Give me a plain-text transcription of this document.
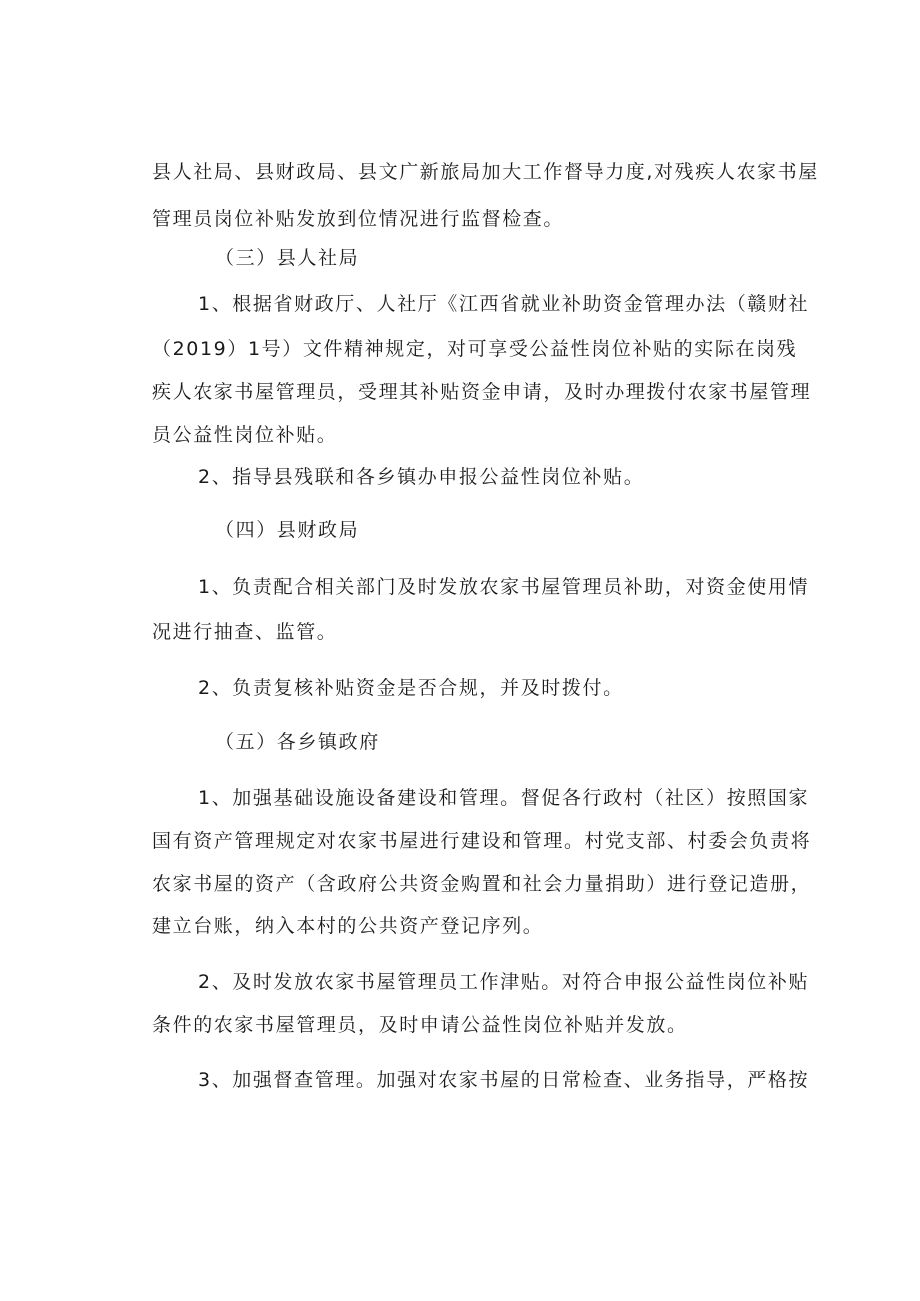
县人社局、县财政局、县文广新旅局加大工作督导力度,对残疾人农家书屋
管理员岗位补贴发放到位情况进行监督检查。
（三）县人社局
1、根据省财政厅、人社厅《江西省就业补助资金管理办法（赣财社
（2019）1号）文件精神规定，对可享受公益性岗位补贴的实际在岗残
疾人农家书屋管理员，受理其补贴资金申请，及时办理拨付农家书屋管理
员公益性岗位补贴。
2、指导县残联和各乡镇办申报公益性岗位补贴。
（四）县财政局
1、负责配合相关部门及时发放农家书屋管理员补助，对资金使用情
况进行抽查、监管。
2、负责复核补贴资金是否合规，并及时拨付。
（五）各乡镇政府
1、加强基础设施设备建设和管理。督促各行政村（社区）按照国家
国有资产管理规定对农家书屋进行建设和管理。村党支部、村委会负责将
农家书屋的资产（含政府公共资金购置和社会力量捐助）进行登记造册，
建立台账，纳入本村的公共资产登记序列。
2、及时发放农家书屋管理员工作津贴。对符合申报公益性岗位补贴
条件的农家书屋管理员，及时申请公益性岗位补贴并发放。
3、加强督查管理。加强对农家书屋的日常检查、业务指导，严格按
